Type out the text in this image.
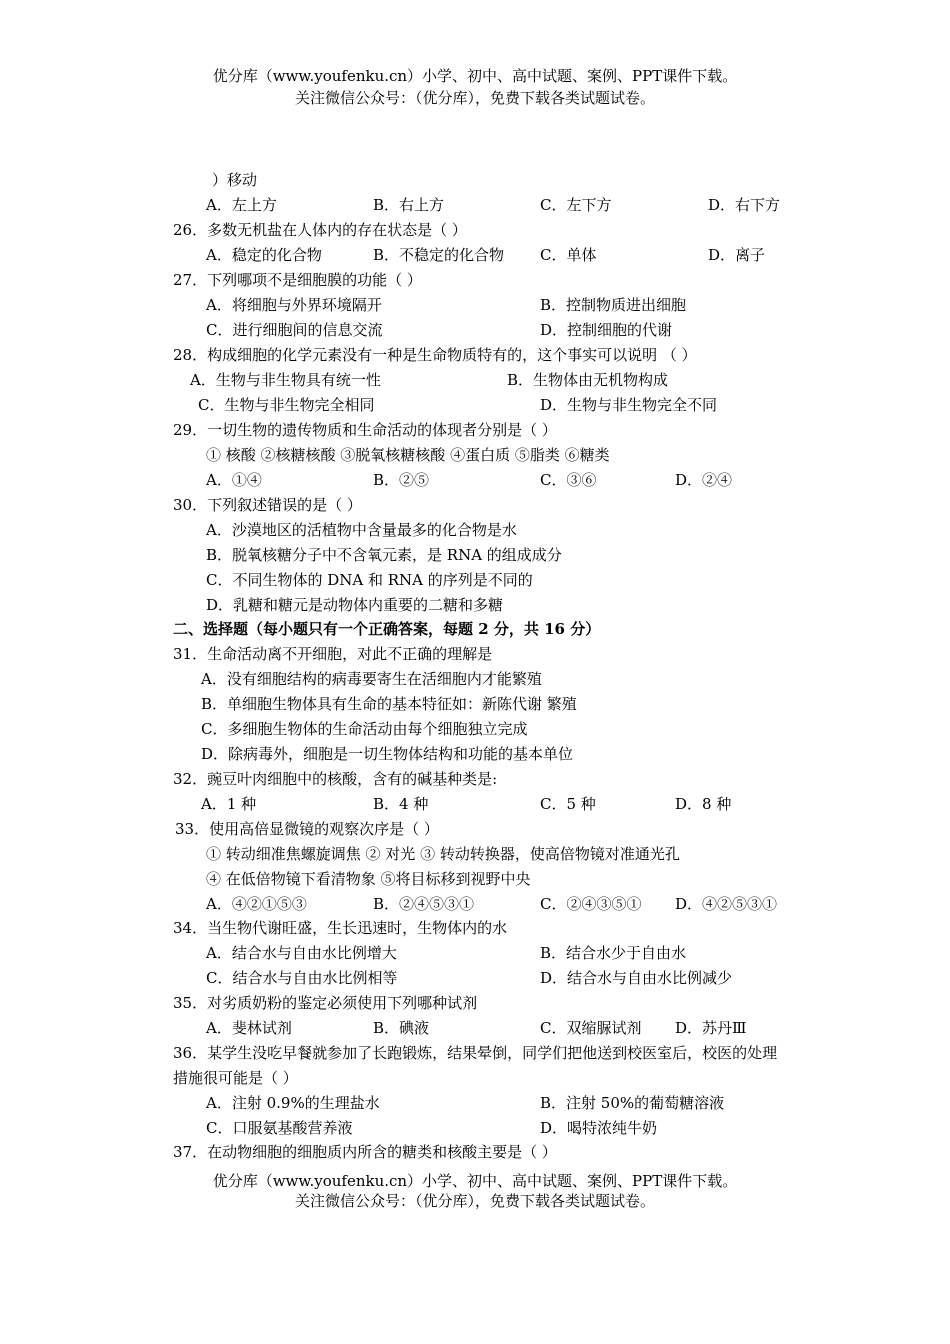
优分库（www.youfenku.cn）小学、初中、高中试题、案例、PPT课件下载。
关注微信公众号：（优分库），免费下载各类试题试卷。
）移动
A．左上方	B．右上方	C．左下方	D．右下方
26．多数无机盐在人体内的存在状态是（ ）
A．稳定的化合物	B．不稳定的化合物 C．单体	D．离子
27．下列哪项不是细胞膜的功能（ ）
A．将细胞与外界环境隔开	B．控制物质进出细胞
C．进行细胞间的信息交流	D．控制细胞的代谢
28．构成细胞的化学元素没有一种是生命物质特有的，这个事实可以说明 （ ）
A．生物与非生物具有统一性	B．生物体由无机物构成
C．生物与非生物完全相同	D．生物与非生物完全不同
29．一切生物的遗传物质和生命活动的体现者分别是（ ）
① 核酸 ②核糖核酸 ③脱氧核糖核酸 ④蛋白质 ⑤脂类 ⑥糖类
A．①④	B．②⑤	C．③⑥	D．②④
30．下列叙述错误的是（ ）
A．沙漠地区的活植物中含量最多的化合物是水
B．脱氧核糖分子中不含氧元素，是 RNA 的组成成分
C．不同生物体的 DNA 和 RNA 的序列是不同的
D．乳糖和糖元是动物体内重要的二糖和多糖
二、选择题（每小题只有一个正确答案，每题 2 分，共 16 分）
31．生命活动离不开细胞，对此不正确的理解是
A．没有细胞结构的病毒要寄生在活细胞内才能繁殖
B．单细胞生物体具有生命的基本特征如：新陈代谢 繁殖
C．多细胞生物体的生命活动由每个细胞独立完成
D．除病毒外，细胞是一切生物体结构和功能的基本单位
32．豌豆叶肉细胞中的核酸，含有的碱基种类是:
A．1 种	B．4 种	C．5 种	D．8 种
33．使用高倍显微镜的观察次序是（ ）
① 转动细准焦螺旋调焦 ② 对光 ③ 转动转换器，使高倍物镜对准通光孔
④ 在低倍物镜下看清物象 ⑤将目标移到视野中央
A．④②①⑤③	B．②④⑤③①	C．②④③⑤① D．④②⑤③①
34．当生物代谢旺盛，生长迅速时，生物体内的水
A．结合水与自由水比例增大	B．结合水少于自由水
C．结合水与自由水比例相等	D．结合水与自由水比例减少
35．对劣质奶粉的鉴定必须使用下列哪种试剂
A．斐林试剂	B．碘液	C．双缩脲试剂 D．苏丹Ⅲ
36．某学生没吃早餐就参加了长跑锻炼，结果晕倒，同学们把他送到校医室后，校医的处理
措施很可能是（ ）
A．注射 0.9%的生理盐水	B．注射 50%的葡萄糖溶液
C．口服氨基酸营养液	D．喝特浓纯牛奶
37．在动物细胞的细胞质内所含的糖类和核酸主要是（ ）
优分库（www.youfenku.cn）小学、初中、高中试题、案例、PPT课件下载。
关注微信公众号：（优分库），免费下载各类试题试卷。
